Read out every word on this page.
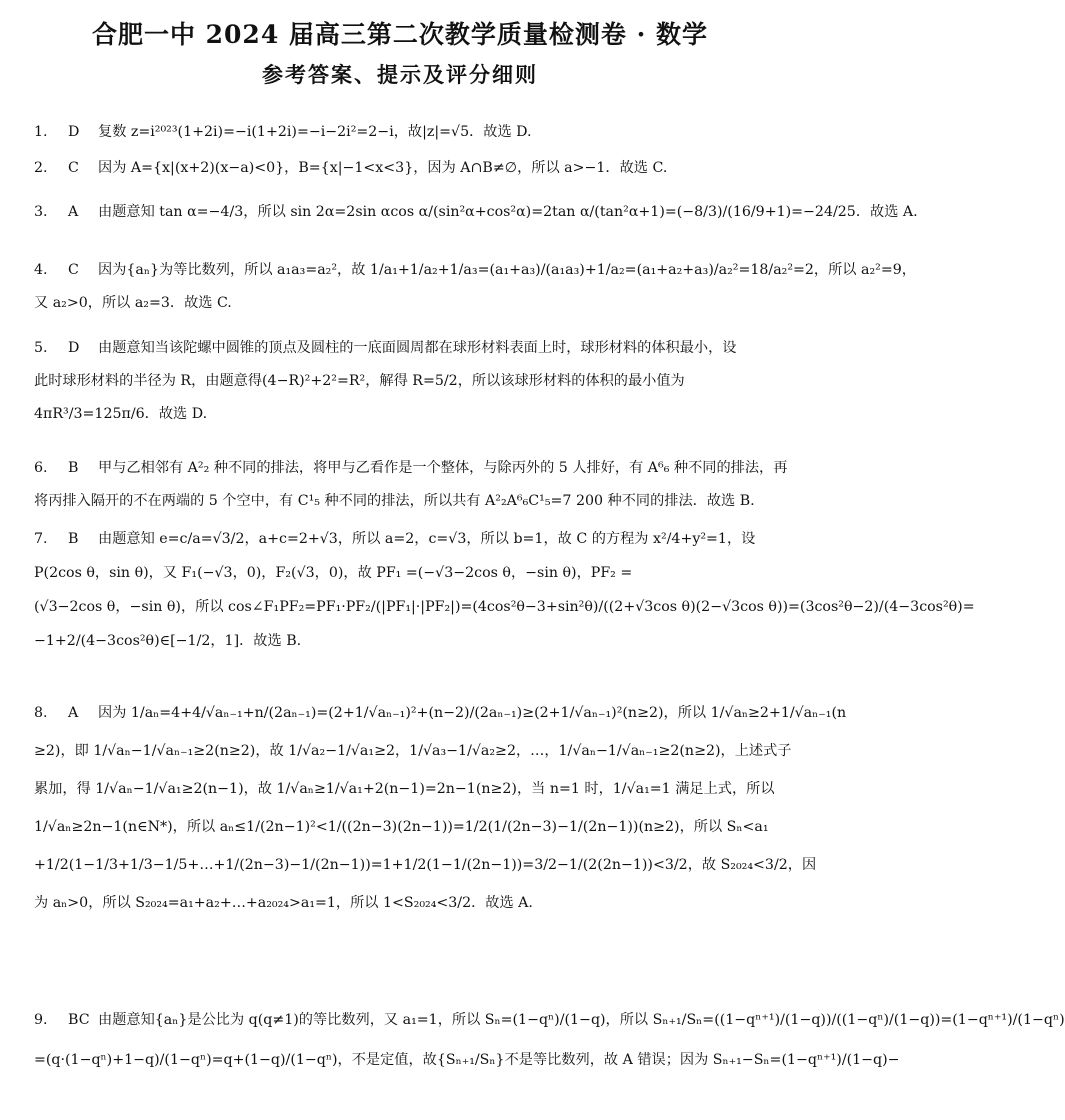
合肥一中 2024 届高三第二次教学质量检测卷 · 数学
参考答案、提示及评分细则
1. D 复数 z=i²⁰²³(1+2i)=−i(1+2i)=−i−2i²=2−i，故|z|=√5．故选 D.
2. C 因为 A={x|(x+2)(x−a)<0}，B={x|−1<x<3}，因为 A∩B≠∅，所以 a>−1．故选 C.
3. A 由题意知 tan α=−4/3，所以 sin 2α=2sin αcos α/(sin²α+cos²α)=2tan α/(tan²α+1)=(−8/3)/(16/9+1)=−24/25．故选 A.
4. C 因为{aₙ}为等比数列，所以 a₁a₃=a₂²，故 1/a₁+1/a₂+1/a₃=(a₁+a₃)/(a₁a₃)+1/a₂=(a₁+a₂+a₃)/a₂²=18/a₂²=2，所以 a₂²=9，
又 a₂>0，所以 a₂=3．故选 C.
5. D 由题意知当该陀螺中圆锥的顶点及圆柱的一底面圆周都在球形材料表面上时，球形材料的体积最小，设
此时球形材料的半径为 R，由题意得(4−R)²+2²=R²，解得 R=5/2，所以该球形材料的体积的最小值为
4πR³/3=125π/6．故选 D.
6. B 甲与乙相邻有 A²₂ 种不同的排法，将甲与乙看作是一个整体，与除丙外的 5 人排好，有 A⁶₆ 种不同的排法，再
将丙排入隔开的不在两端的 5 个空中，有 C¹₅ 种不同的排法，所以共有 A²₂A⁶₆C¹₅=7 200 种不同的排法．故选 B.
7. B 由题意知 e=c/a=√3/2，a+c=2+√3，所以 a=2，c=√3，所以 b=1，故 C 的方程为 x²/4+y²=1，设
P(2cos θ，sin θ)，又 F₁(−√3，0)，F₂(√3，0)，故 PF₁ =(−√3−2cos θ，−sin θ)，PF₂ =
(√3−2cos θ，−sin θ)，所以 cos∠F₁PF₂=PF₁·PF₂/(|PF₁|·|PF₂|)=(4cos²θ−3+sin²θ)/((2+√3cos θ)(2−√3cos θ))=(3cos²θ−2)/(4−3cos²θ)=
−1+2/(4−3cos²θ)∈[−1/2，1]．故选 B.
8. A 因为 1/aₙ=4+4/√aₙ₋₁+n/(2aₙ₋₁)=(2+1/√aₙ₋₁)²+(n−2)/(2aₙ₋₁)≥(2+1/√aₙ₋₁)²(n≥2)，所以 1/√aₙ≥2+1/√aₙ₋₁(n
≥2)，即 1/√aₙ−1/√aₙ₋₁≥2(n≥2)，故 1/√a₂−1/√a₁≥2，1/√a₃−1/√a₂≥2，…，1/√aₙ−1/√aₙ₋₁≥2(n≥2)，上述式子
累加，得 1/√aₙ−1/√a₁≥2(n−1)，故 1/√aₙ≥1/√a₁+2(n−1)=2n−1(n≥2)，当 n=1 时，1/√a₁=1 满足上式，所以
1/√aₙ≥2n−1(n∈N*)，所以 aₙ≤1/(2n−1)²<1/((2n−3)(2n−1))=1/2(1/(2n−3)−1/(2n−1))(n≥2)，所以 Sₙ<a₁
+1/2(1−1/3+1/3−1/5+…+1/(2n−3)−1/(2n−1))=1+1/2(1−1/(2n−1))=3/2−1/(2(2n−1))<3/2，故 S₂₀₂₄<3/2，因
为 aₙ>0，所以 S₂₀₂₄=a₁+a₂+…+a₂₀₂₄>a₁=1，所以 1<S₂₀₂₄<3/2．故选 A.
9. BC 由题意知{aₙ}是公比为 q(q≠1)的等比数列，又 a₁=1，所以 Sₙ=(1−qⁿ)/(1−q)，所以 Sₙ₊₁/Sₙ=((1−qⁿ⁺¹)/(1−q))/((1−qⁿ)/(1−q))=(1−qⁿ⁺¹)/(1−qⁿ)
=(q·(1−qⁿ)+1−q)/(1−qⁿ)=q+(1−q)/(1−qⁿ)，不是定值，故{Sₙ₊₁/Sₙ}不是等比数列，故 A 错误；因为 Sₙ₊₁−Sₙ=(1−qⁿ⁺¹)/(1−q)−
